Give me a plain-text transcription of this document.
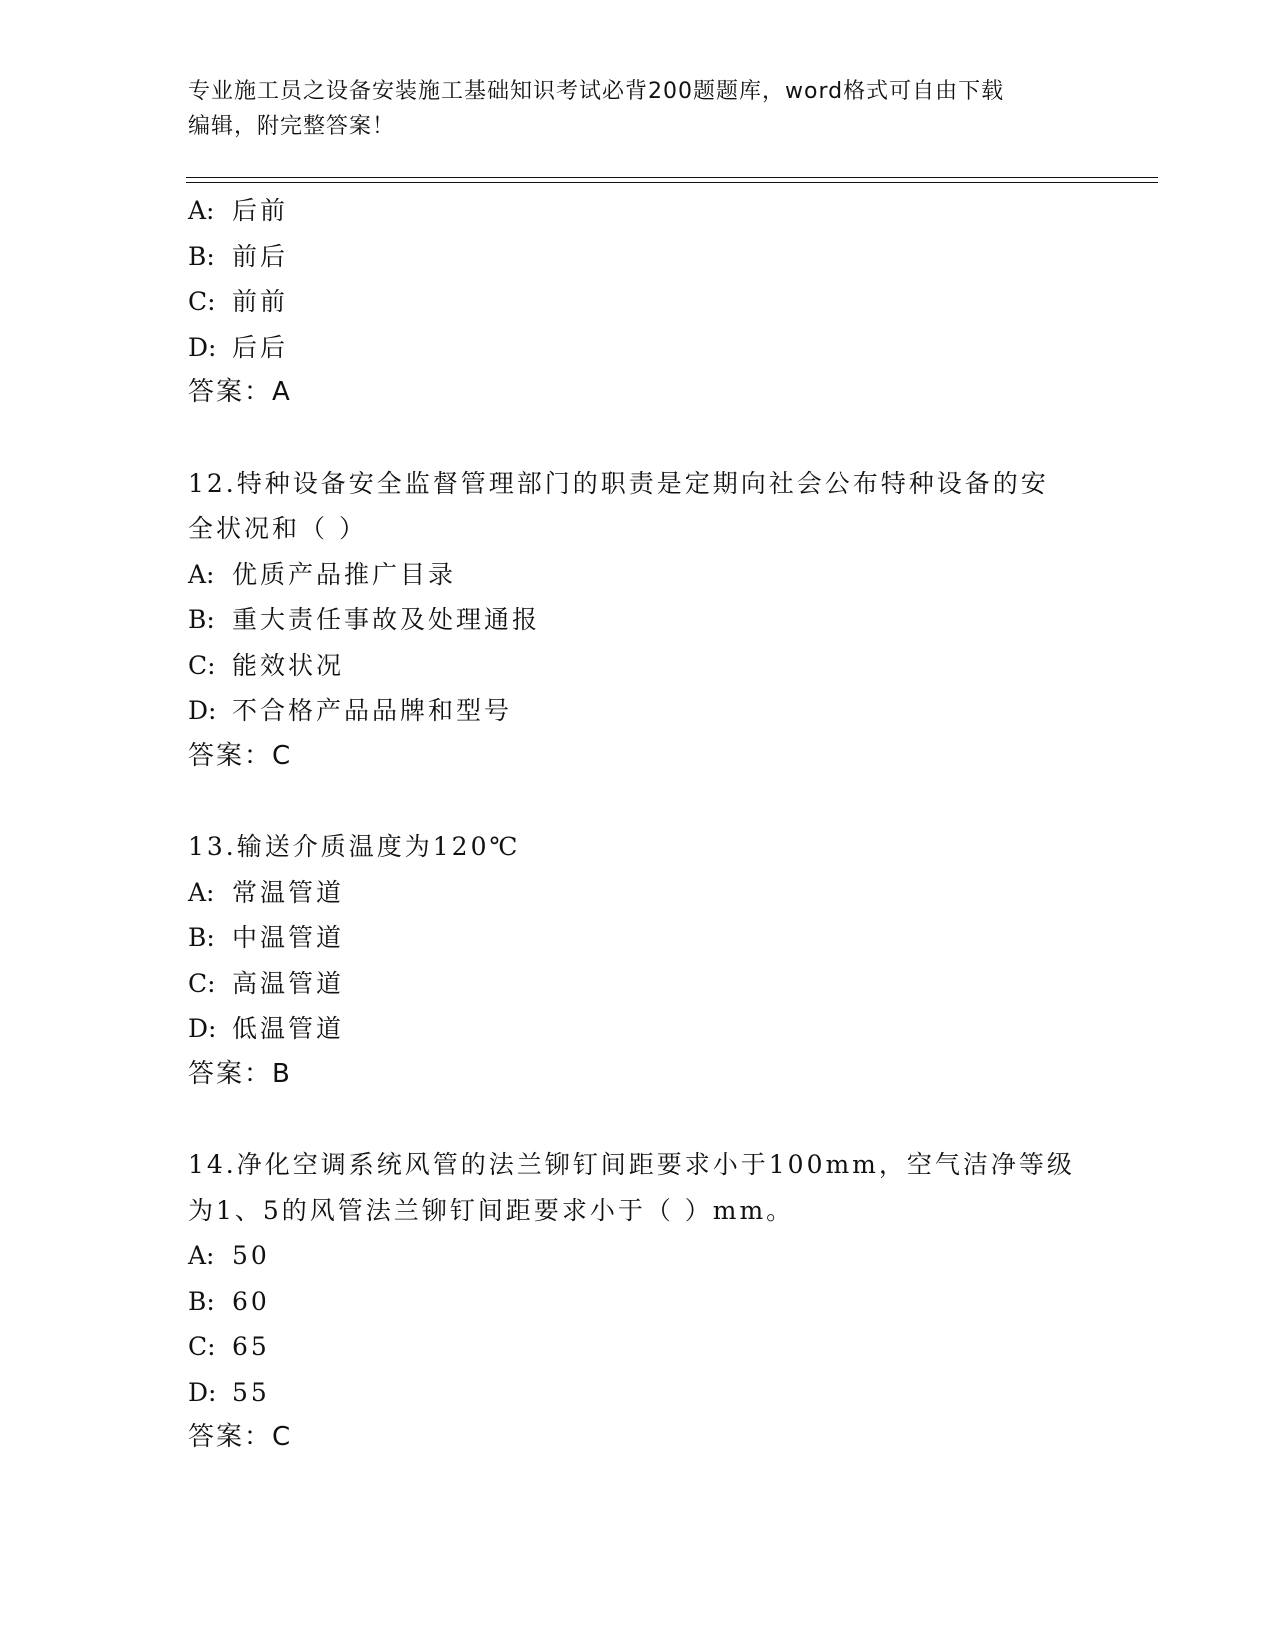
专业施工员之设备安装施工基础知识考试必背200题题库，word格式可自由下载
编辑，附完整答案！
A: 后前
B: 前后
C: 前前
D: 后后
答案：A
12.特种设备安全监督管理部门的职责是定期向社会公布特种设备的安
全状况和（ ）
A: 优质产品推广目录
B: 重大责任事故及处理通报
C: 能效状况
D: 不合格产品品牌和型号
答案：C
13.输送介质温度为120℃
A: 常温管道
B: 中温管道
C: 高温管道
D: 低温管道
答案：B
14.净化空调系统风管的法兰铆钉间距要求小于100mm，空气洁净等级
为1、5的风管法兰铆钉间距要求小于（ ）mm。
A: 50
B: 60
C: 65
D: 55
答案：C
